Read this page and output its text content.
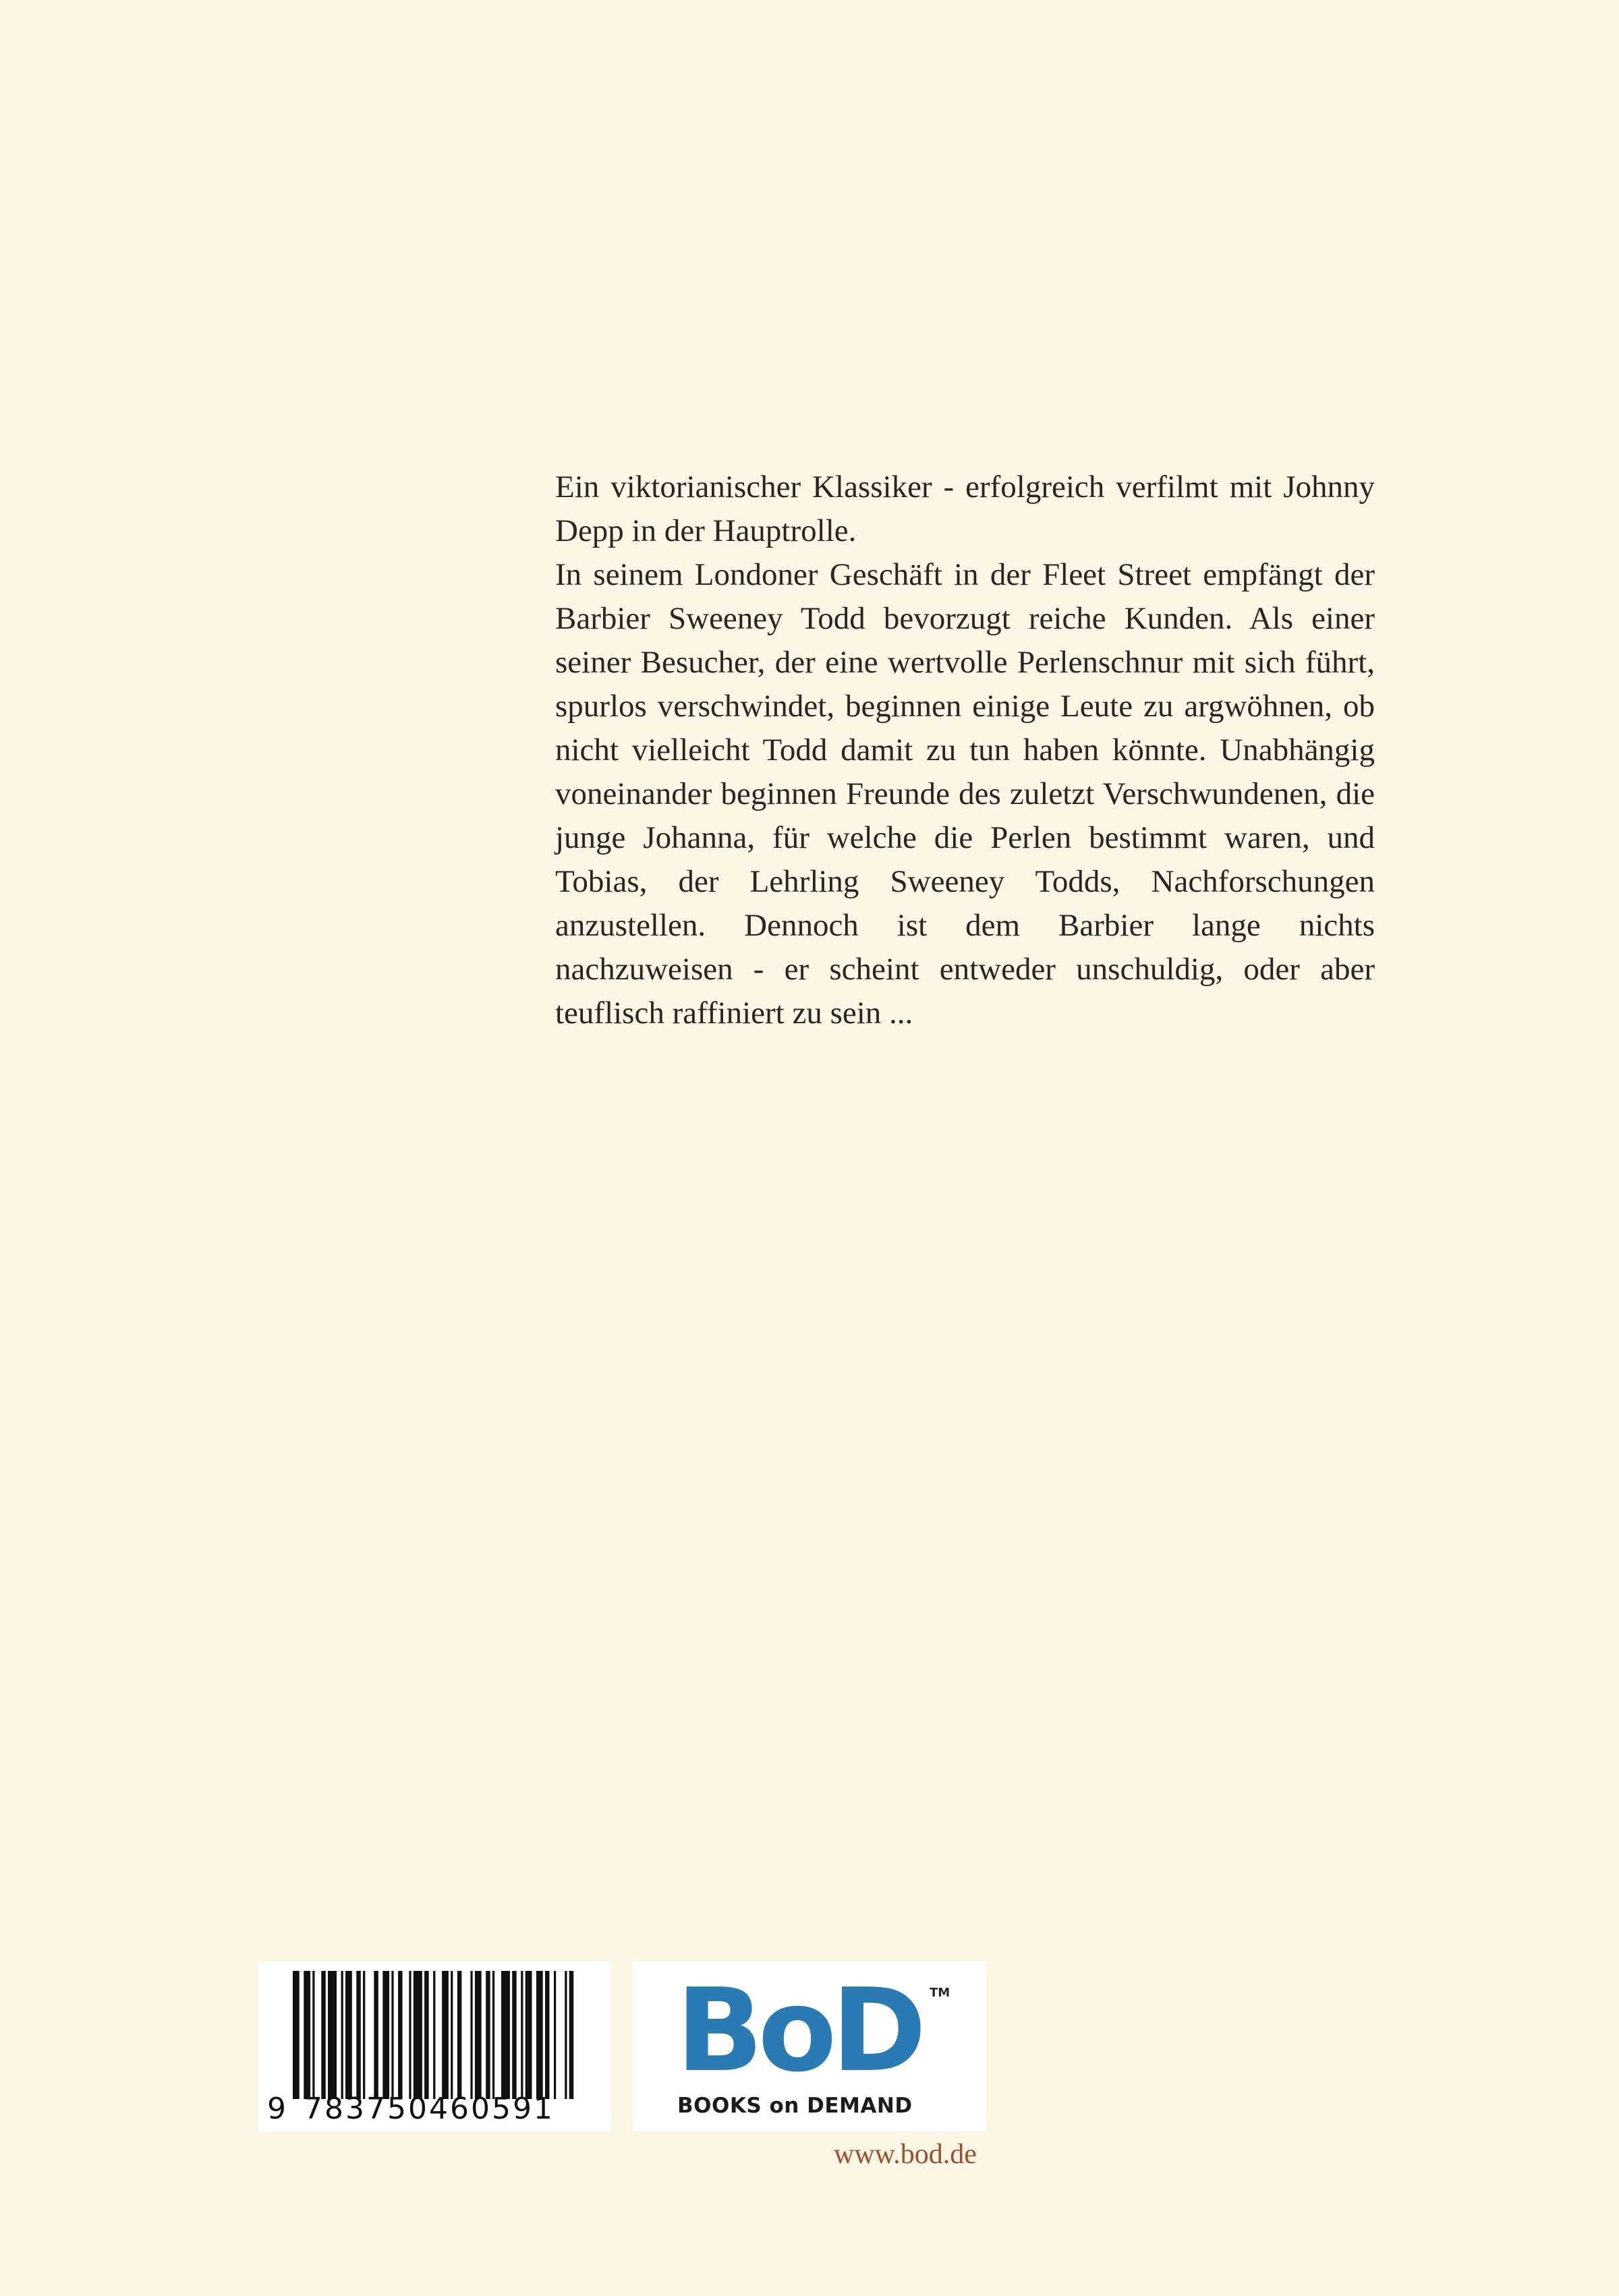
Ein viktorianischer Klassiker - erfolgreich verfilmt mit Johnny Depp in der Hauptrolle.

In seinem Londoner Geschäft in der Fleet Street empfängt der Barbier Sweeney Todd bevorzugt reiche Kunden. Als einer seiner Besucher, der eine wertvolle Perlenschnur mit sich führt, spurlos verschwindet, beginnen einige Leute zu argwöhnen, ob nicht vielleicht Todd damit zu tun haben könnte. Unabhängig voneinander beginnen Freunde des zuletzt Verschwundenen, die junge Johanna, für welche die Perlen bestimmt waren, und Tobias, der Lehrling Sweeney Todds, Nachforschungen anzustellen. Dennoch ist dem Barbier lange nichts nachzuweisen - er scheint entweder unschuldig, oder aber teuflisch raffiniert zu sein ...

9 783750460591
BoD TM
BOOKS on DEMAND
www.bod.de
